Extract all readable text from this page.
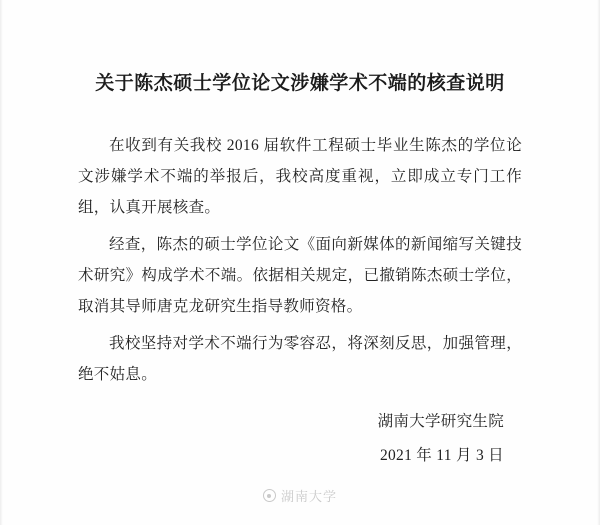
关于陈杰硕士学位论文涉嫌学术不端的核查说明

在收到有关我校 2016 届软件工程硕士毕业生陈杰的学位论文涉嫌学术不端的举报后，我校高度重视，立即成立专门工作组，认真开展核查。

经查，陈杰的硕士学位论文《面向新媒体的新闻缩写关键技术研究》构成学术不端。依据相关规定，已撤销陈杰硕士学位，取消其导师唐克龙研究生指导教师资格。

我校坚持对学术不端行为零容忍，将深刻反思，加强管理，绝不姑息。

湖南大学研究生院
2021 年 11 月 3 日
湖南大学
